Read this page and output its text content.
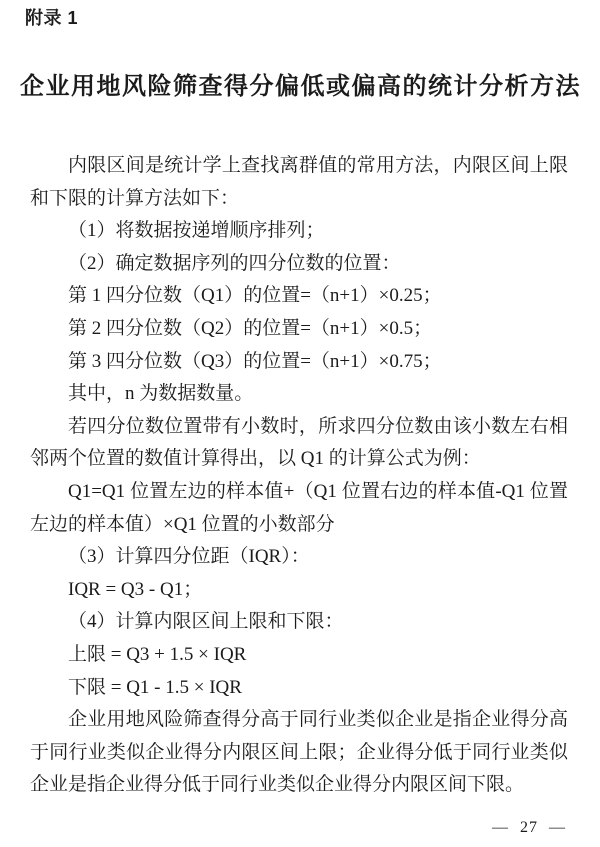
附录 1
企业用地风险筛查得分偏低或偏高的统计分析方法

内限区间是统计学上查找离群值的常用方法，内限区间上限和下限的计算方法如下：

（1）将数据按递增顺序排列；

（2）确定数据序列的四分位数的位置：

第 1 四分位数（Q1）的位置=（n+1）×0.25；

第 2 四分位数（Q2）的位置=（n+1）×0.5；

第 3 四分位数（Q3）的位置=（n+1）×0.75；

其中，n 为数据数量。

若四分位数位置带有小数时，所求四分位数由该小数左右相邻两个位置的数值计算得出，以 Q1 的计算公式为例：

Q1=Q1 位置左边的样本值+（Q1 位置右边的样本值-Q1 位置左边的样本值）×Q1 位置的小数部分

（3）计算四分位距（IQR）：

IQR = Q3 - Q1；

（4）计算内限区间上限和下限：

上限 = Q3 + 1.5 × IQR

下限 = Q1 - 1.5 × IQR

企业用地风险筛查得分高于同行业类似企业是指企业得分高于同行业类似企业得分内限区间上限；企业得分低于同行业类似企业是指企业得分低于同行业类似企业得分内限区间下限。

— 27 —
